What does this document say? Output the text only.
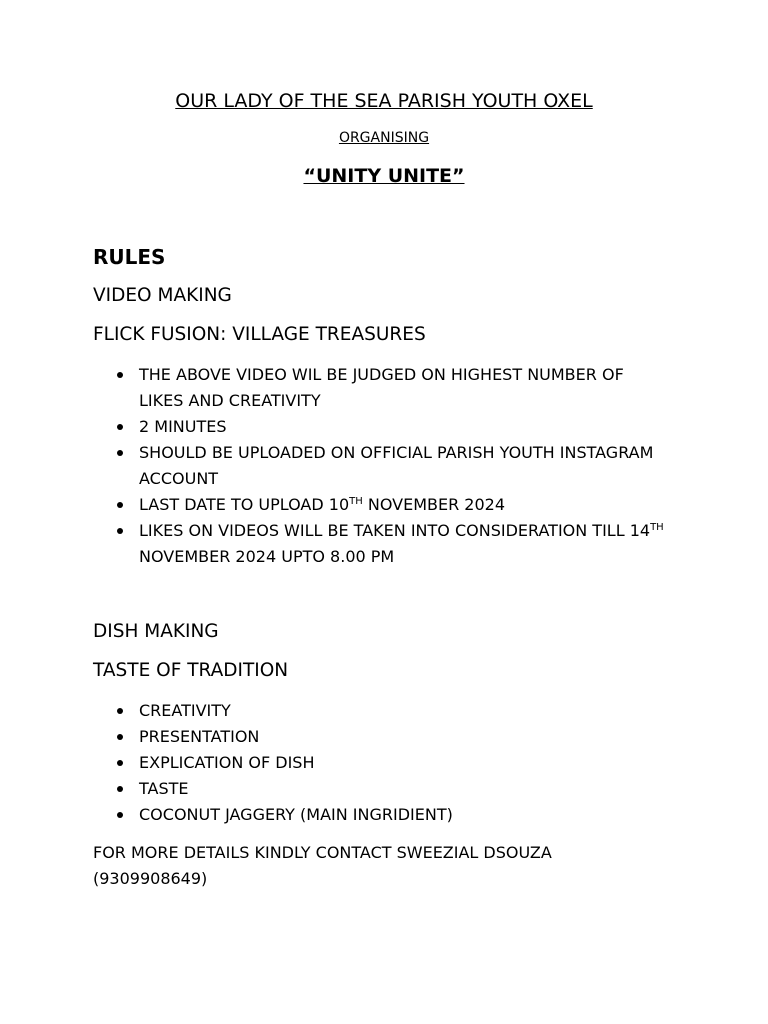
OUR LADY OF THE SEA PARISH YOUTH OXEL
ORGANISING
“UNITY UNITE”
RULES
VIDEO MAKING
FLICK FUSION: VILLAGE TREASURES
THE ABOVE VIDEO WIL BE JUDGED ON HIGHEST NUMBER OF LIKES AND CREATIVITY
2 MINUTES
SHOULD BE UPLOADED ON OFFICIAL PARISH YOUTH INSTAGRAM ACCOUNT
LAST DATE TO UPLOAD 10TH NOVEMBER 2024
LIKES ON VIDEOS WILL BE TAKEN INTO CONSIDERATION TILL 14TH NOVEMBER 2024 UPTO 8.00 PM
DISH MAKING
TASTE OF TRADITION
CREATIVITY
PRESENTATION
EXPLICATION OF DISH
TASTE
COCONUT JAGGERY (MAIN INGRIDIENT)
FOR MORE DETAILS KINDLY CONTACT SWEEZIAL DSOUZA (9309908649)
